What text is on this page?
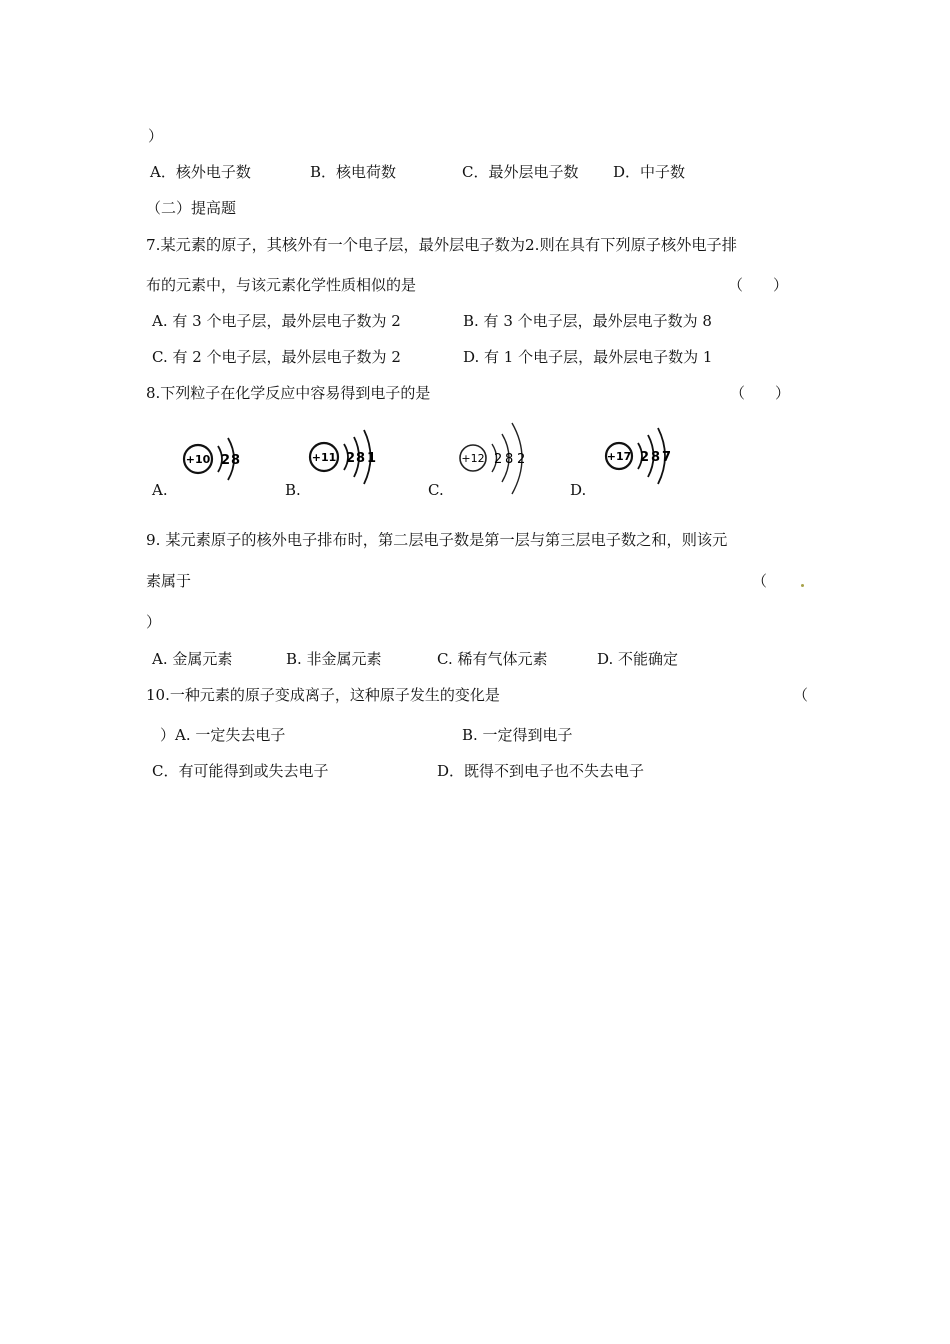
）
A．核外电子数	B．核电荷数	C．最外层电子数 D．中子数
（二）提高题
7.某元素的原子，其核外有一个电子层，最外层电子数为2.则在具有下列原子核外电子排
布的元素中，与该元素化学性质相似的是	（　　）
A. 有 3 个电子层，最外层电子数为 2	B. 有 3 个电子层，最外层电子数为 8
C. 有 2 个电子层，最外层电子数为 2	D. 有 1 个电子层，最外层电子数为 1
8.下列粒子在化学反应中容易得到电子的是	（　　）
A.	B.	C.	D.
+10 2 8	+11 2 8 1	+12 2 8 2	+17 2 8 7
9. 某元素原子的核外电子排布时，第二层电子数是第一层与第三层电子数之和，则该元
素属于	（
）
A. 金属元素	B. 非金属元素	C. 稀有气体元素	D. 不能确定
10.一种元素的原子变成离子，这种原子发生的变化是	（
）A. 一定失去电子	B. 一定得到电子
C．有可能得到或失去电子	D．既得不到电子也不失去电子
